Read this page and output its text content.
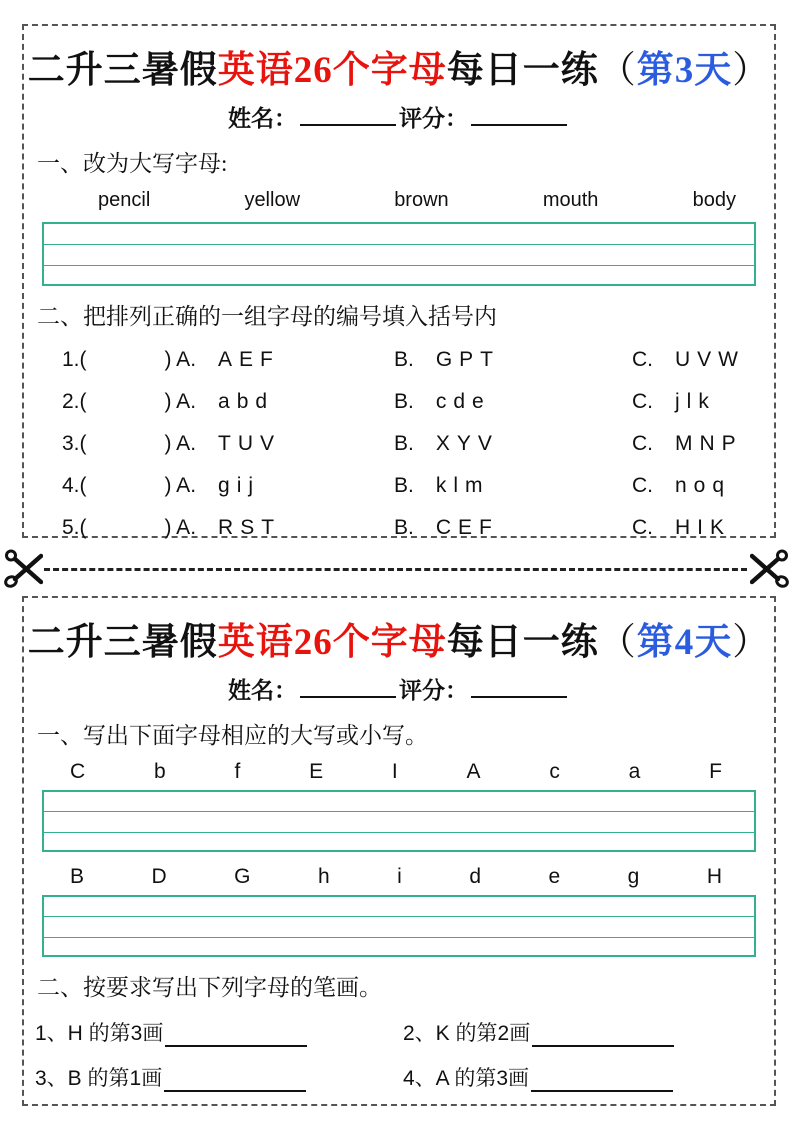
二升三暑假英语26个字母每日一练（第3天）
姓名：	评分：
一、改为大写字母:
pencil	yellow	brown	mouth	body
二、把排列正确的一组字母的编号填入括号内
1.(	) A. AEF	B. GPT	C. UVW
2.(	) A. abd	B. cde	C. jlk
3.(	) A. TUV	B. XYV	C. MNP
4.(	) A. gij	B. klm	C. noq
5.(	) A. RST	B. CEF	C. HIK
二升三暑假英语26个字母每日一练（第4天）
姓名：	评分：
一、写出下面字母相应的大写或小写。
C	b	f	E	I	A	c	a	F
B	D	G	h	i	d	e	g	H
二、按要求写出下列字母的笔画。
1、H 的第3画	2、K 的第2画
3、B 的第1画	4、A 的第3画
